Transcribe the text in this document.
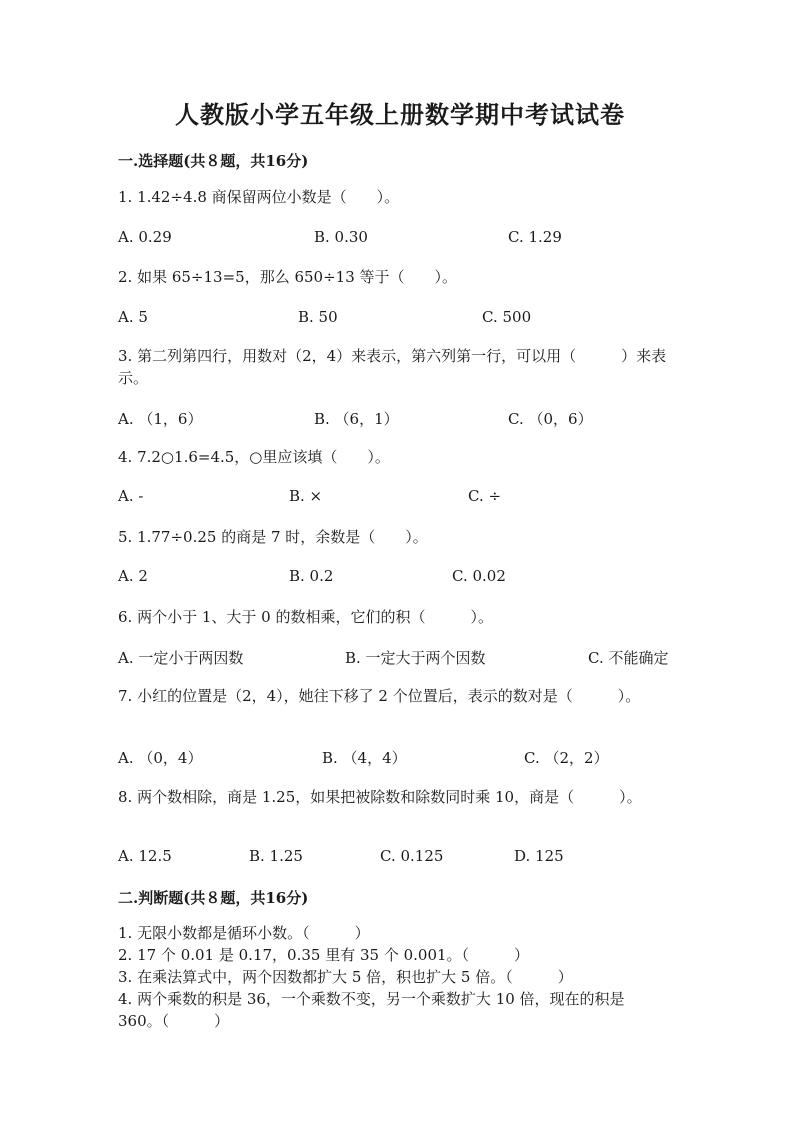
人教版小学五年级上册数学期中考试试卷
一.选择题(共８题，共16分)
1. 1.42÷4.8 商保留两位小数是（　　）。
A. 0.29	B. 0.30	C. 1.29
2. 如果 65÷13=5，那么 650÷13 等于（　　）。
A. 5	B. 50	C. 500
3. 第二列第四行，用数对（2，4）来表示，第六列第一行，可以用（　　　）来表示。
A. （1，6）	B. （6，1）	C. （0，6）
4. 7.2○1.6=4.5，○里应该填（　　）。
A. -	B. ×	C. ÷
5. 1.77÷0.25 的商是 7 时，余数是（　　）。
A. 2	B. 0.2	C. 0.02
6. 两个小于 1、大于 0 的数相乘，它们的积（　　　）。
A. 一定小于两因数	B. 一定大于两个因数	C. 不能确定
7. 小红的位置是（2，4），她往下移了 2 个位置后，表示的数对是（　　　）。
A. （0，4）	B. （4，4）	C. （2，2）
8. 两个数相除，商是 1.25，如果把被除数和除数同时乘 10，商是（　　　）。
A. 12.5	B. 1.25	C. 0.125	D. 125
二.判断题(共８题，共16分)
1. 无限小数都是循环小数。（　　　）
2. 17 个 0.01 是 0.17，0.35 里有 35 个 0.001。（　　　）
3. 在乘法算式中，两个因数都扩大 5 倍，积也扩大 5 倍。（　　　）
4. 两个乘数的积是 36，一个乘数不变，另一个乘数扩大 10 倍，现在的积是 360。（　　　）
